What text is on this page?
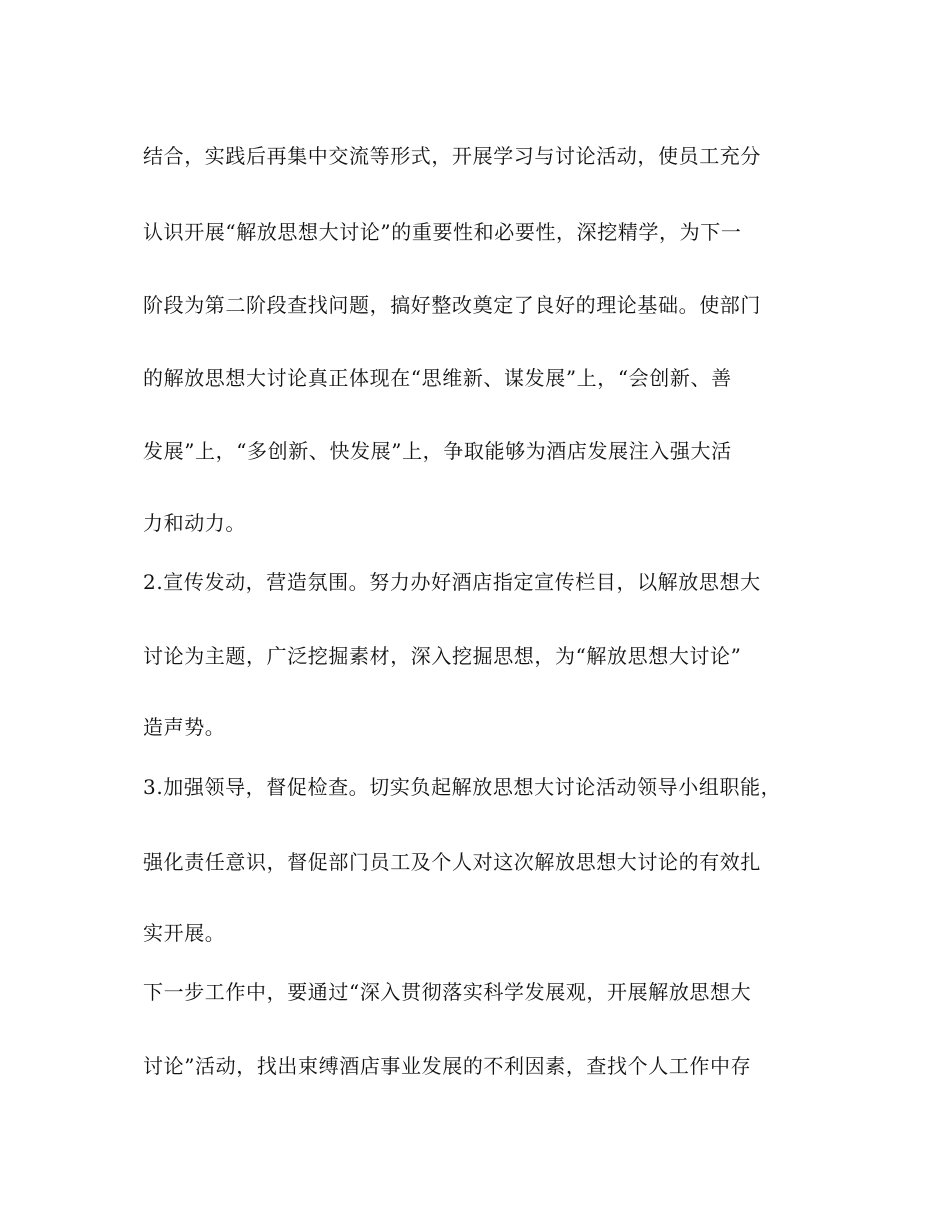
结合，实践后再集中交流等形式，开展学习与讨论活动，使员工充分
认识开展“解放思想大讨论”的重要性和必要性，深挖精学，为下一
阶段为第二阶段查找问题，搞好整改奠定了良好的理论基础。使部门
的解放思想大讨论真正体现在“思维新、谋发展”上，“会创新、善
发展”上，“多创新、快发展”上，争取能够为酒店发展注入强大活
力和动力。
2.宣传发动，营造氛围。努力办好酒店指定宣传栏目，以解放思想大
讨论为主题，广泛挖掘素材，深入挖掘思想，为“解放思想大讨论”
造声势。
3.加强领导，督促检查。切实负起解放思想大讨论活动领导小组职能，
强化责任意识，督促部门员工及个人对这次解放思想大讨论的有效扎
实开展。
下一步工作中，要通过“深入贯彻落实科学发展观，开展解放思想大
讨论”活动，找出束缚酒店事业发展的不利因素，查找个人工作中存
